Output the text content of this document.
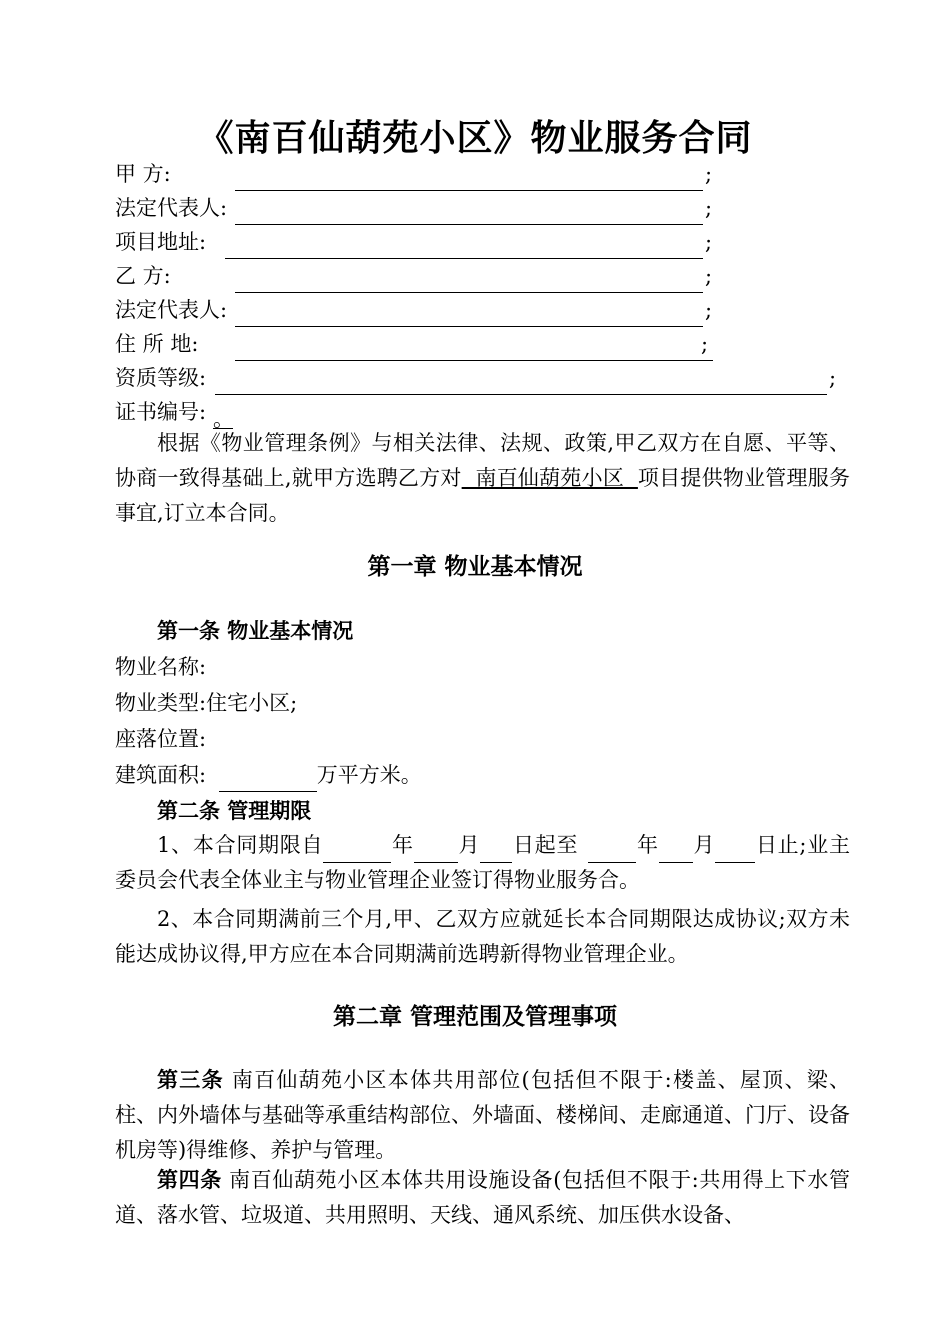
《南百仙葫苑小区》物业服务合同
甲 方:	;
法定代表人:	;
项目地址:	;
乙 方:	;
法定代表人:	;
住 所 地:	;
资质等级:	;
证书编号: 。
根据《物业管理条例》与相关法律、法规、政策,甲乙双方在自愿、平等、协商一致得基础上,就甲方选聘乙方对  南百仙葫苑小区  项目提供物业管理服务事宜,订立本合同。
第一章 物业基本情况
第一条 物业基本情况
物业名称:
物业类型:住宅小区;
座落位置:
建筑面积:	万平方米。
第二条 管理期限
1、本合同期限自	年 月 日起至	年 月 日止;业主委员会代表全体业主与物业管理企业签订得物业服务合。
2、本合同期满前三个月,甲、乙双方应就延长本合同期限达成协议;双方未能达成协议得,甲方应在本合同期满前选聘新得物业管理企业。
第二章 管理范围及管理事项
第三条 南百仙葫苑小区本体共用部位(包括但不限于:楼盖、屋顶、梁、柱、内外墙体与基础等承重结构部位、外墙面、楼梯间、走廊通道、门厅、设备机房等)得维修、养护与管理。
第四条 南百仙葫苑小区本体共用设施设备(包括但不限于:共用得上下水管道、落水管、垃圾道、共用照明、天线、通风系统、加压供水设备、
